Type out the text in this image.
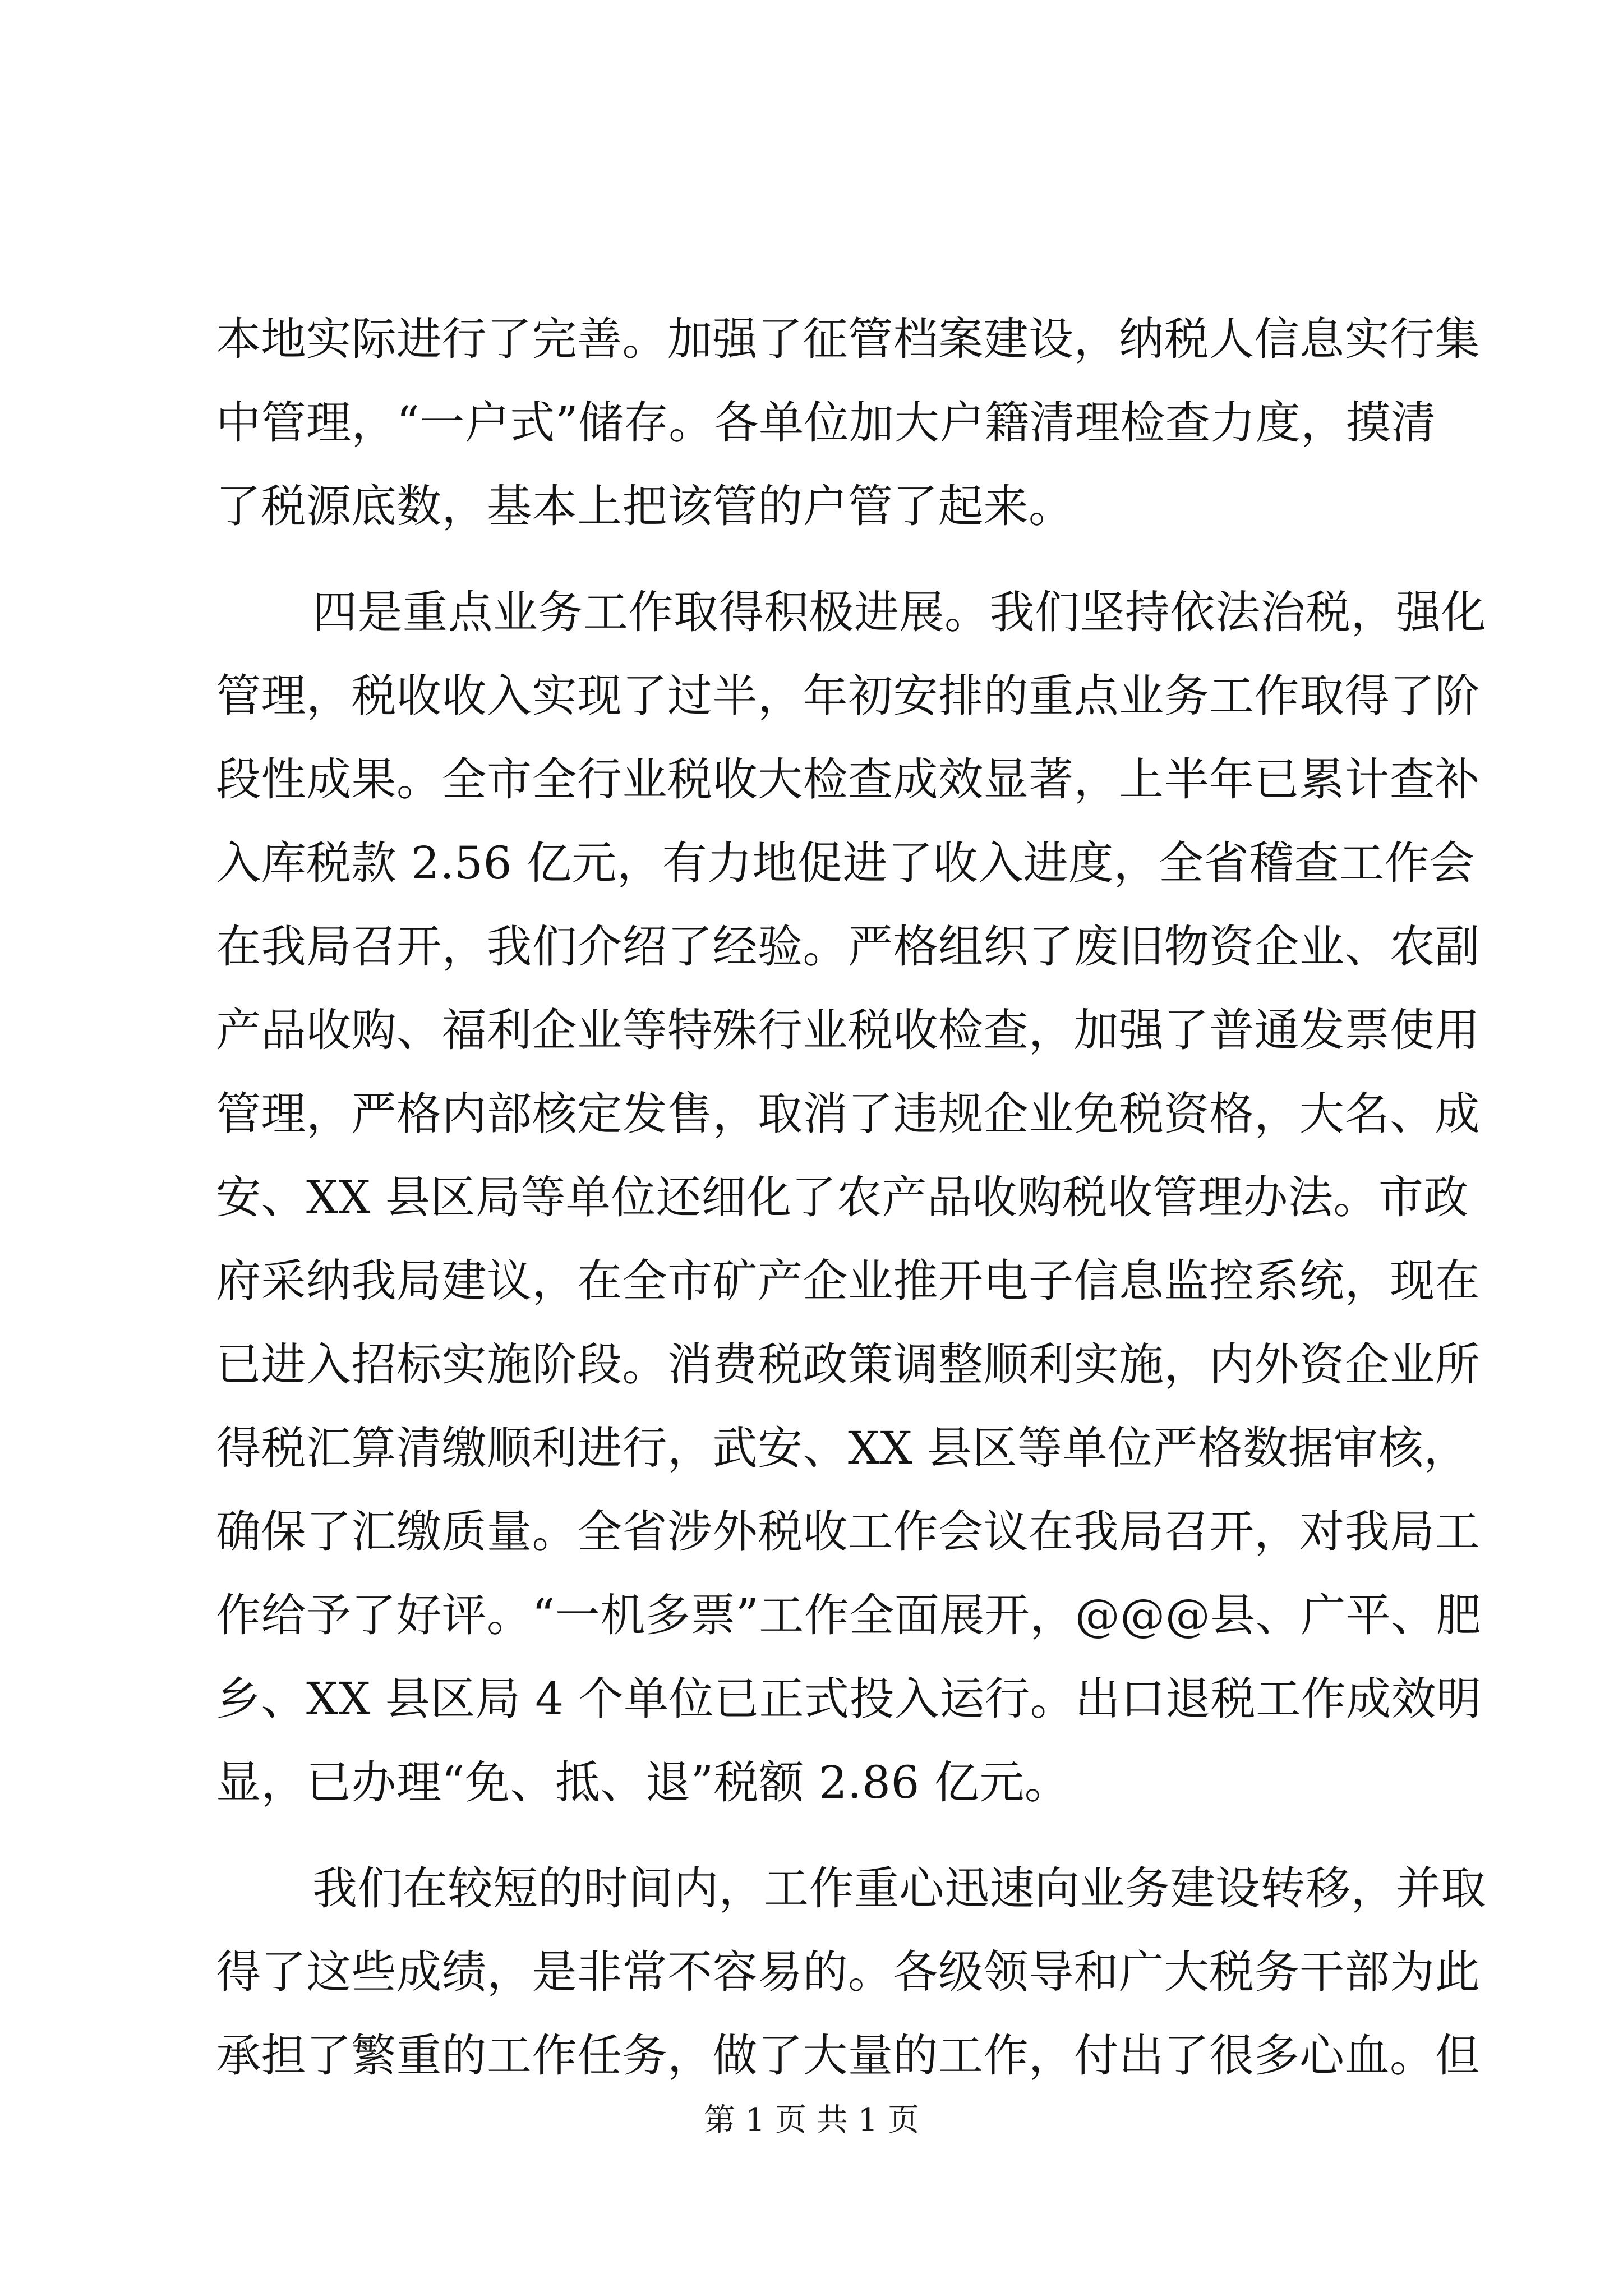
本地实际进行了完善。加强了征管档案建设，纳税人信息实行集
中管理，“一户式”储存。各单位加大户籍清理检查力度，摸清
了税源底数，基本上把该管的户管了起来。
四是重点业务工作取得积极进展。我们坚持依法治税，强化
管理，税收收入实现了过半，年初安排的重点业务工作取得了阶
段性成果。全市全行业税收大检查成效显著，上半年已累计查补
入库税款 2.56 亿元，有力地促进了收入进度，全省稽查工作会
在我局召开，我们介绍了经验。严格组织了废旧物资企业、农副
产品收购、福利企业等特殊行业税收检查，加强了普通发票使用
管理，严格内部核定发售，取消了违规企业免税资格，大名、成
安、XX 县区局等单位还细化了农产品收购税收管理办法。市政
府采纳我局建议，在全市矿产企业推开电子信息监控系统，现在
已进入招标实施阶段。消费税政策调整顺利实施，内外资企业所
得税汇算清缴顺利进行，武安、XX 县区等单位严格数据审核，
确保了汇缴质量。全省涉外税收工作会议在我局召开，对我局工
作给予了好评。“一机多票”工作全面展开，@@@县、广平、肥
乡、XX 县区局 4 个单位已正式投入运行。出口退税工作成效明
显，已办理“免、抵、退”税额 2.86 亿元。
我们在较短的时间内，工作重心迅速向业务建设转移，并取
得了这些成绩，是非常不容易的。各级领导和广大税务干部为此
承担了繁重的工作任务，做了大量的工作，付出了很多心血。但
第 1 页 共 1 页
